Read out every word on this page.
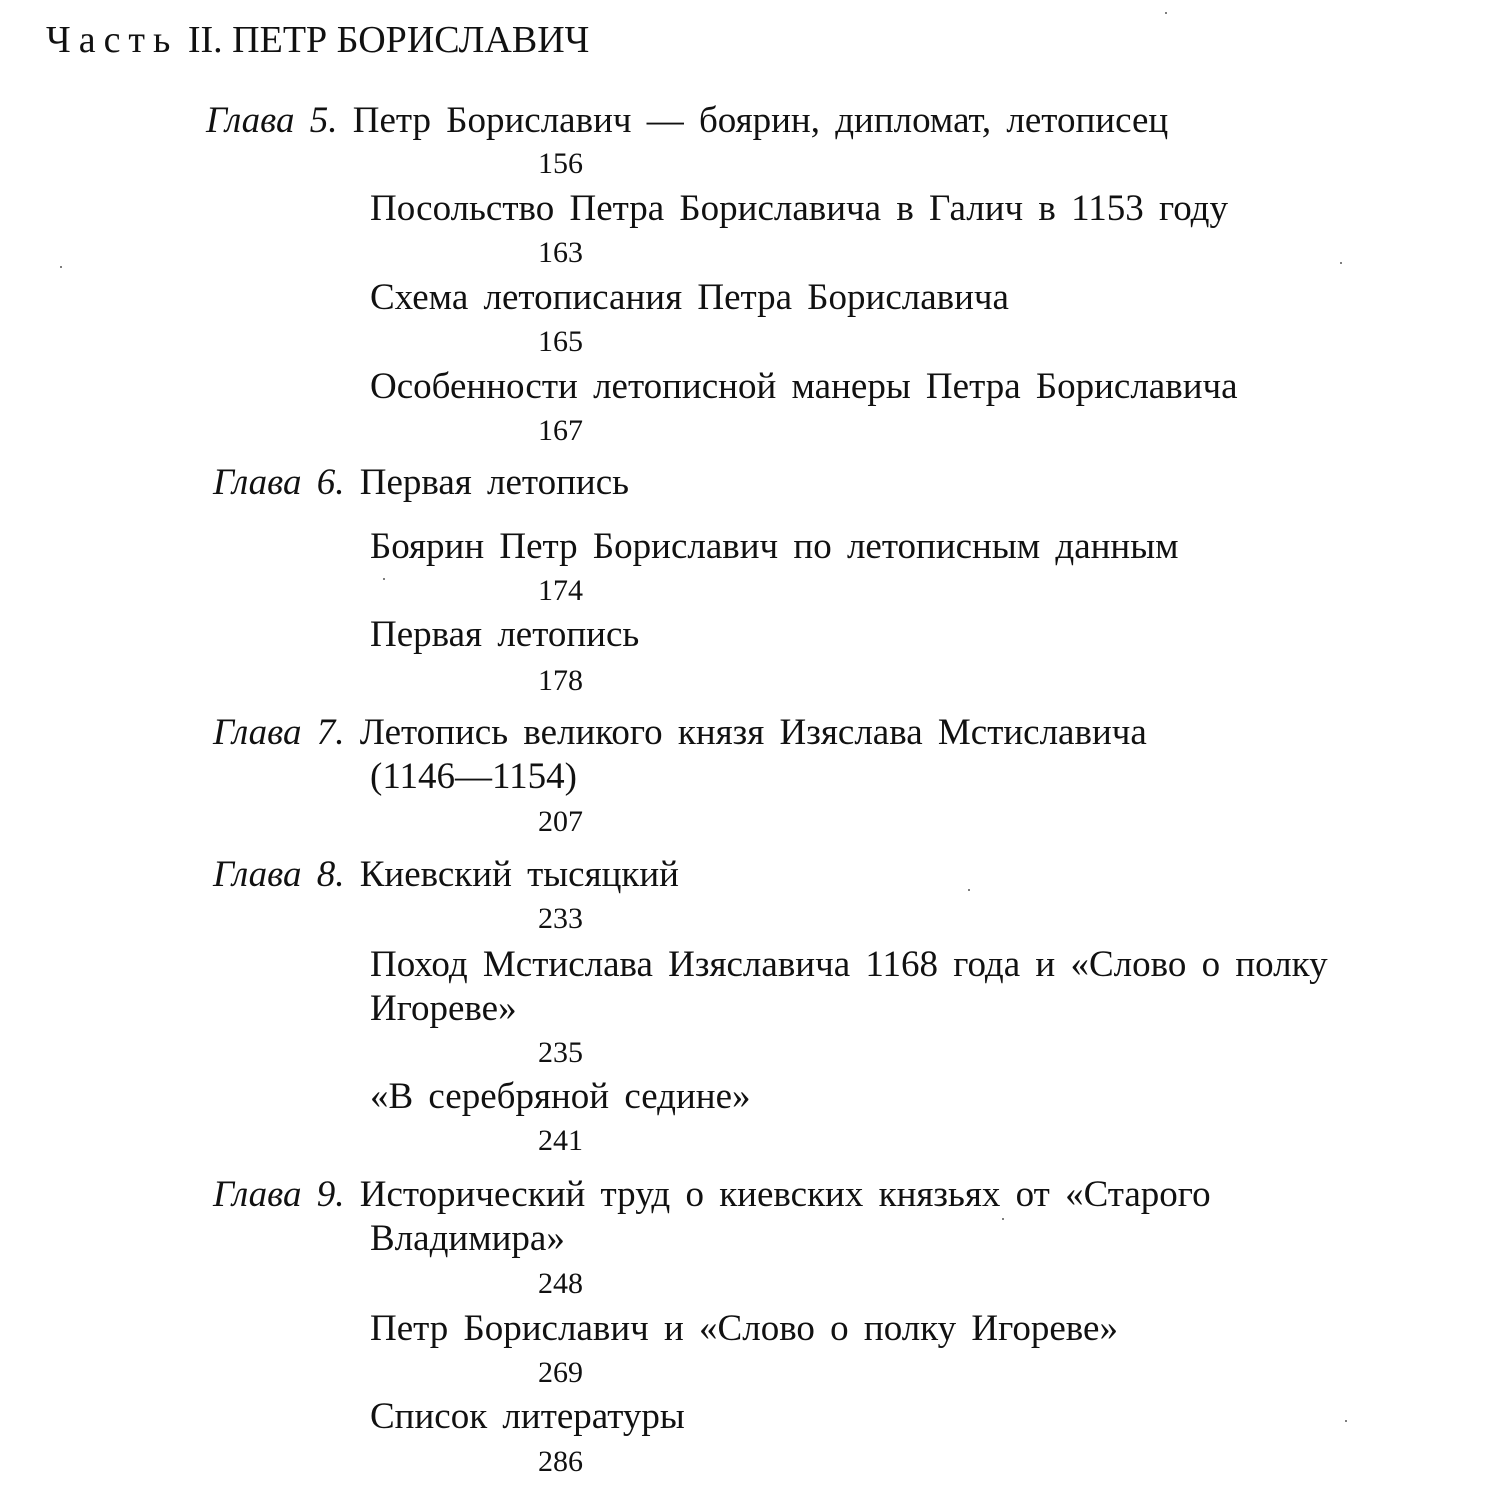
Часть II. ПЕТР БОРИСЛАВИЧ
Глава 5. Петр Бориславич — боярин, дипломат, летописец
156
Посольство Петра Бориславича в Галич в 1153 году
163
Схема летописания Петра Бориславича
165
Особенности летописной манеры Петра Бориславича
167
Глава 6. Первая летопись
Боярин Петр Бориславич по летописным данным
174
Первая летопись
178
Глава 7. Летопись великого князя Изяслава Мстиславича
(1146—1154)
207
Глава 8. Киевский тысяцкий
233
Поход Мстислава Изяславича 1168 года и «Слово о полку
Игореве»
235
«В серебряной седине»
241
Глава 9. Исторический труд о киевских князьях от «Старого
Владимира»
248
Петр Бориславич и «Слово о полку Игореве»
269
Список литературы
286
